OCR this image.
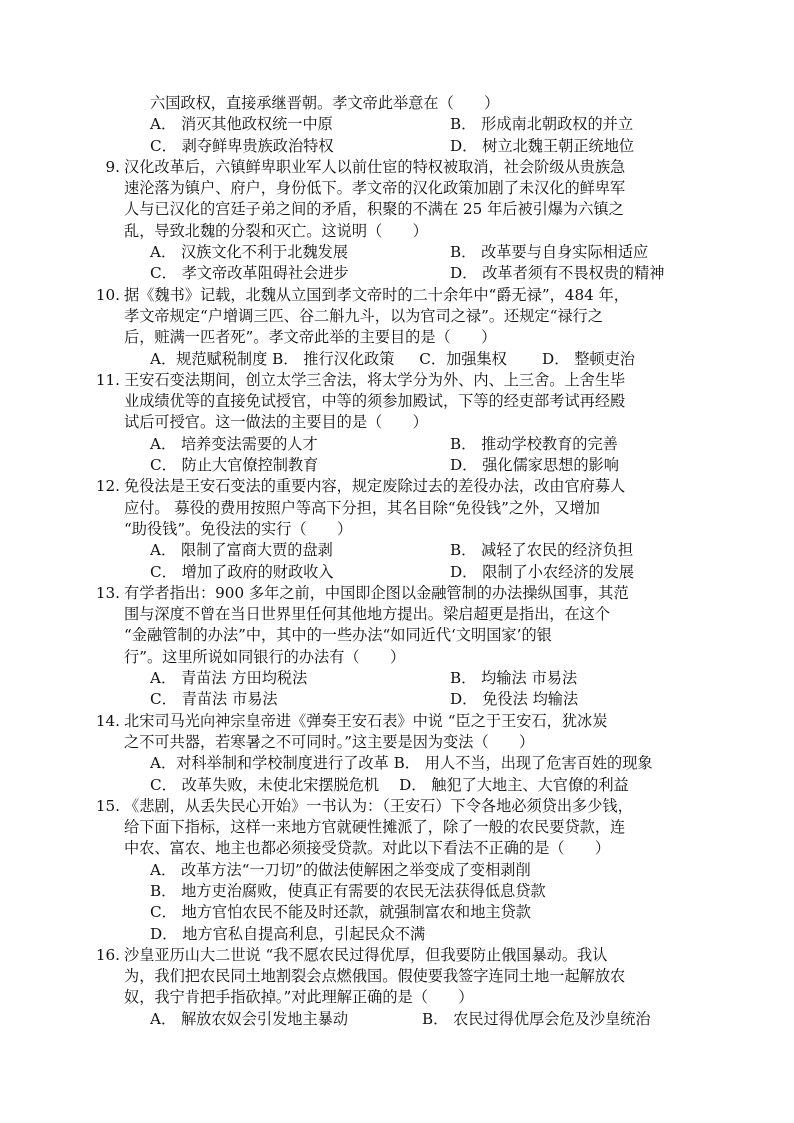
六国政权，直接承继晋朝。孝文帝此举意在（　　）
A． 消灭其他政权统一中原	B． 形成南北朝政权的并立
C． 剥夺鲜卑贵族政治特权	D． 树立北魏王朝正统地位
9. 汉化改革后，六镇鲜卑职业军人以前仕宦的特权被取消，社会阶级从贵族急
速沦落为镇户、府户，身份低下。孝文帝的汉化政策加剧了未汉化的鲜卑军
人与已汉化的宫廷子弟之间的矛盾，积聚的不满在 25 年后被引爆为六镇之
乱，导致北魏的分裂和灭亡。这说明（　　）
A． 汉族文化不利于北魏发展	B． 改革要与自身实际相适应
C． 孝文帝改革阻碍社会进步	D． 改革者须有不畏权贵的精神
10. 据《魏书》记载，北魏从立国到孝文帝时的二十余年中“爵无禄”，484 年，
孝文帝规定“户增调三匹、谷二斛九斗，以为官司之禄”。还规定“禄行之
后，赃满一匹者死”。孝文帝此举的主要目的是（　　）
A．规范赋税制度 B． 推行汉化政策 　 C．加强集权　　 D． 整顿吏治
11. 王安石变法期间，创立太学三舍法，将太学分为外、内、上三舍。上舍生毕
业成绩优等的直接免试授官，中等的须参加殿试，下等的经吏部考试再经殿
试后可授官。这一做法的主要目的是（　　）
A． 培养变法需要的人才	B． 推动学校教育的完善
C． 防止大官僚控制教育	D． 强化儒家思想的影响
12. 免役法是王安石变法的重要内容，规定废除过去的差役办法，改由官府募人
应付。 募役的费用按照户等高下分担，其名目除“免役钱”之外，又增加
“助役钱”。免役法的实行（　　）
A． 限制了富商大贾的盘剥	B． 减轻了农民的经济负担
C． 增加了政府的财政收入	D． 限制了小农经济的发展
13. 有学者指出：900 多年之前，中国即企图以金融管制的办法操纵国事，其范
围与深度不曾在当日世界里任何其他地方提出。梁启超更是指出，在这个
“金融管制的办法”中，其中的一些办法“如同近代‘文明国家’的银
行”。这里所说如同银行的办法有（　　）
A． 青苗法 方田均税法	B． 均输法 市易法
C． 青苗法 市易法	D． 免役法 均输法
14. 北宋司马光向神宗皇帝进《弹奏王安石表》中说 “臣之于王安石，犹冰炭
之不可共器，若寒暑之不可同时。”这主要是因为变法（　　）
A．对科举制和学校制度进行了改革 B． 用人不当，出现了危害百姓的现象
C． 改革失败，未使北宋摆脱危机　 D． 触犯了大地主、大官僚的利益
15. 《悲剧，从丢失民心开始》一书认为：（王安石）下令各地必须贷出多少钱，
给下面下指标，这样一来地方官就硬性摊派了，除了一般的农民要贷款，连
中农、富农、地主也都必须接受贷款。对此以下看法不正确的是（　　）
A． 改革方法“一刀切”的做法使解困之举变成了变相剥削
B． 地方吏治腐败，使真正有需要的农民无法获得低息贷款
C． 地方官怕农民不能及时还款，就强制富农和地主贷款
D． 地方官私自提高利息，引起民众不满
16. 沙皇亚历山大二世说 “我不愿农民过得优厚，但我要防止俄国暴动。我认
为，我们把农民同土地割裂会点燃俄国。假使要我签字连同土地一起解放农
奴，我宁肯把手指砍掉。”对此理解正确的是（　　）
A． 解放农奴会引发地主暴动	B． 农民过得优厚会危及沙皇统治
